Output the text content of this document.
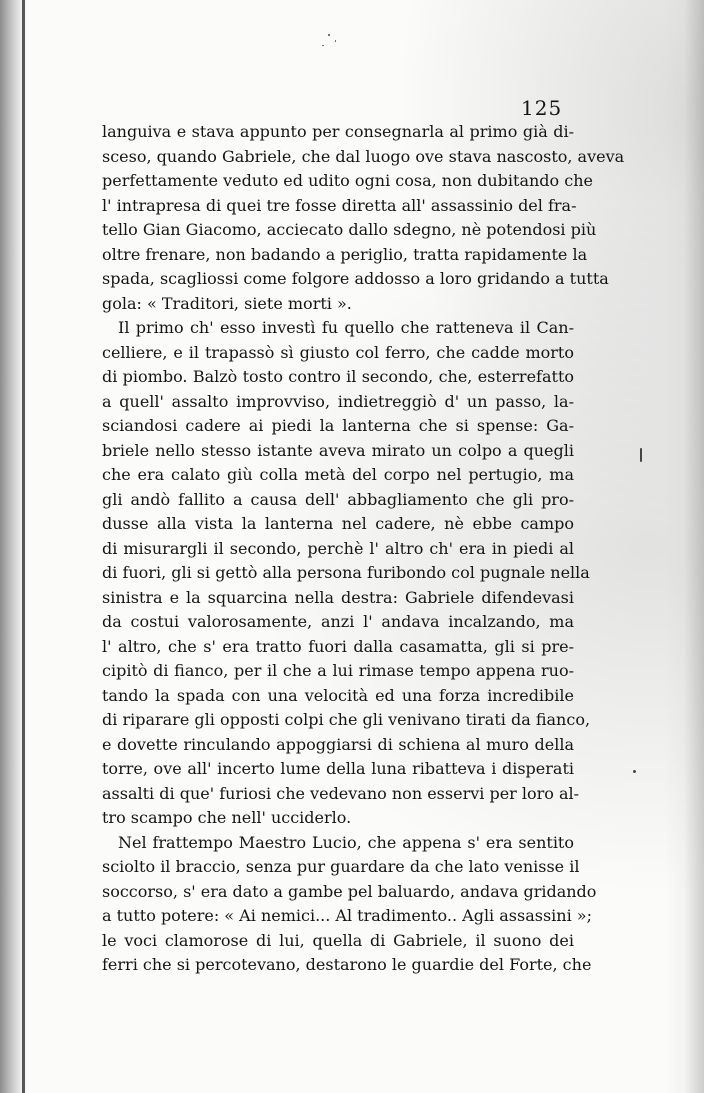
125
languiva e stava appunto per consegnarla al primo già di-
sceso, quando Gabriele, che dal luogo ove stava nascosto, aveva
perfettamente veduto ed udito ogni cosa, non dubitando che
l' intrapresa di quei tre fosse diretta all' assassinio del fra-
tello Gian Giacomo, acciecato dallo sdegno, nè potendosi più
oltre frenare, non badando a periglio, tratta rapidamente la
spada, scagliossi come folgore addosso a loro gridando a tutta
gola: « Traditori, siete morti ».
Il primo ch' esso investì fu quello che ratteneva il Can-
celliere, e il trapassò sì giusto col ferro, che cadde morto
di piombo. Balzò tosto contro il secondo, che, esterrefatto
a quell' assalto improvviso, indietreggiò d' un passo, la-
sciandosi cadere ai piedi la lanterna che si spense: Ga-
briele nello stesso istante aveva mirato un colpo a quegli
che era calato giù colla metà del corpo nel pertugio, ma
gli andò fallito a causa dell' abbagliamento che gli pro-
dusse alla vista la lanterna nel cadere, nè ebbe campo
di misurargli il secondo, perchè l' altro ch' era in piedi al
di fuori, gli si gettò alla persona furibondo col pugnale nella
sinistra e la squarcina nella destra: Gabriele difendevasi
da costui valorosamente, anzi l' andava incalzando, ma
l' altro, che s' era tratto fuori dalla casamatta, gli si pre-
cipitò di fianco, per il che a lui rimase tempo appena ruo-
tando la spada con una velocità ed una forza incredibile
di riparare gli opposti colpi che gli venivano tirati da fianco,
e dovette rinculando appoggiarsi di schiena al muro della
torre, ove all' incerto lume della luna ribatteva i disperati
assalti di que' furiosi che vedevano non esservi per loro al-
tro scampo che nell' ucciderlo.
Nel frattempo Maestro Lucio, che appena s' era sentito
sciolto il braccio, senza pur guardare da che lato venisse il
soccorso, s' era dato a gambe pel baluardo, andava gridando
a tutto potere: « Ai nemici... Al tradimento.. Agli assassini »;
le voci clamorose di lui, quella di Gabriele, il suono dei
ferri che si percotevano, destarono le guardie del Forte, che
